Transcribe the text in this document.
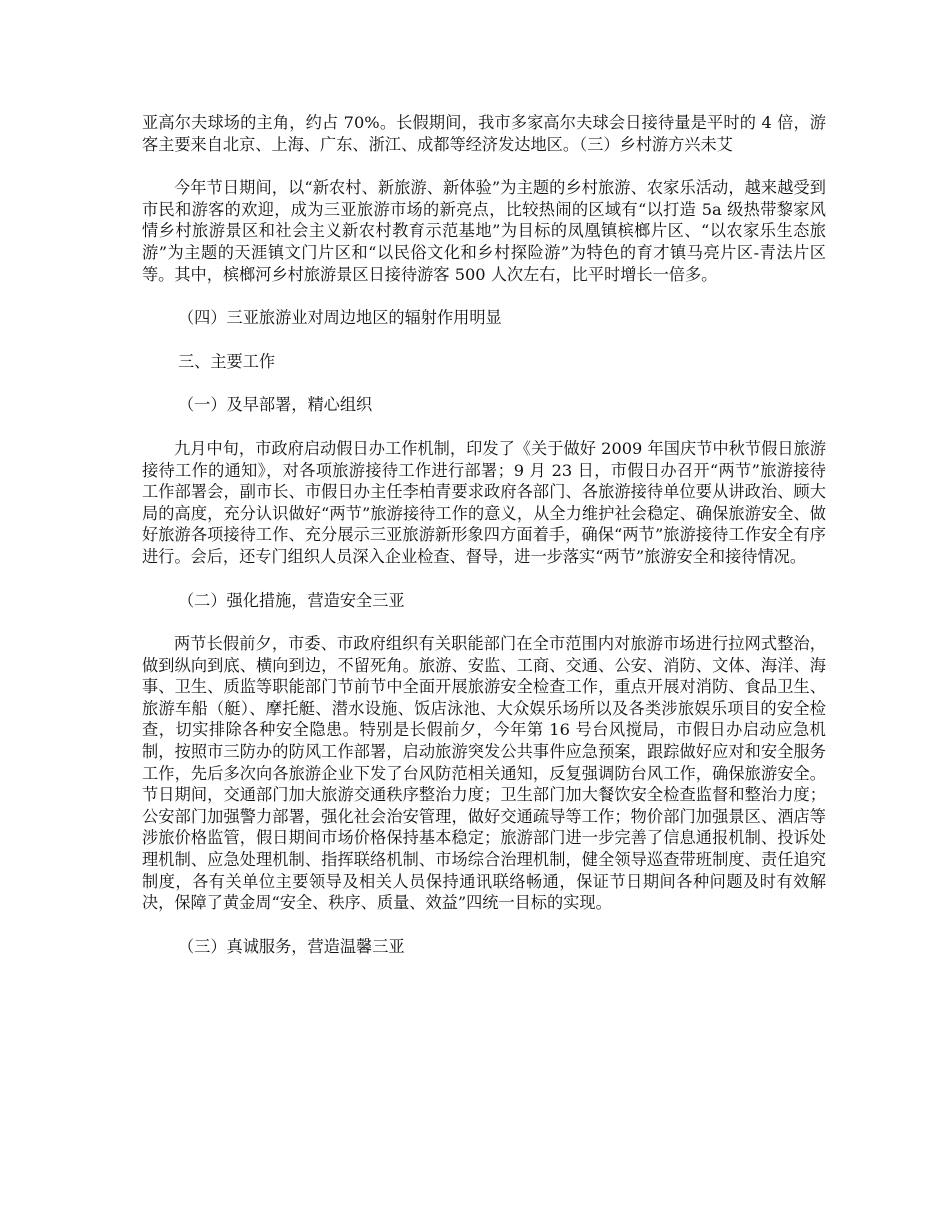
亚高尔夫球场的主角，约占 70%。长假期间，我市多家高尔夫球会日接待量是平时的 4 倍，游客主要来自北京、上海、广东、浙江、成都等经济发达地区。（三）乡村游方兴未艾

今年节日期间，以“新农村、新旅游、新体验”为主题的乡村旅游、农家乐活动，越来越受到市民和游客的欢迎，成为三亚旅游市场的新亮点，比较热闹的区域有“以打造 5a 级热带黎家风情乡村旅游景区和社会主义新农村教育示范基地”为目标的凤凰镇槟榔片区、“以农家乐生态旅游”为主题的天涯镇文门片区和“以民俗文化和乡村探险游”为特色的育才镇马亮片区-青法片区等。其中，槟榔河乡村旅游景区日接待游客 500 人次左右，比平时增长一倍多。

（四）三亚旅游业对周边地区的辐射作用明显

三、主要工作

（一）及早部署，精心组织

九月中旬，市政府启动假日办工作机制，印发了《关于做好 2009 年国庆节中秋节假日旅游接待工作的通知》，对各项旅游接待工作进行部署；9 月 23 日，市假日办召开“两节”旅游接待工作部署会，副市长、市假日办主任李柏青要求政府各部门、各旅游接待单位要从讲政治、顾大局的高度，充分认识做好“两节”旅游接待工作的意义，从全力维护社会稳定、确保旅游安全、做好旅游各项接待工作、充分展示三亚旅游新形象四方面着手，确保“两节”旅游接待工作安全有序进行。会后，还专门组织人员深入企业检查、督导，进一步落实“两节”旅游安全和接待情况。

（二）强化措施，营造安全三亚

两节长假前夕，市委、市政府组织有关职能部门在全市范围内对旅游市场进行拉网式整治，做到纵向到底、横向到边，不留死角。旅游、安监、工商、交通、公安、消防、文体、海洋、海事、卫生、质监等职能部门节前节中全面开展旅游安全检查工作，重点开展对消防、食品卫生、旅游车船（艇）、摩托艇、潜水设施、饭店泳池、大众娱乐场所以及各类涉旅娱乐项目的安全检查，切实排除各种安全隐患。特别是长假前夕，今年第 16 号台风搅局，市假日办启动应急机制，按照市三防办的防风工作部署，启动旅游突发公共事件应急预案，跟踪做好应对和安全服务工作，先后多次向各旅游企业下发了台风防范相关通知，反复强调防台风工作，确保旅游安全。节日期间，交通部门加大旅游交通秩序整治力度；卫生部门加大餐饮安全检查监督和整治力度；公安部门加强警力部署，强化社会治安管理，做好交通疏导等工作；物价部门加强景区、酒店等涉旅价格监管，假日期间市场价格保持基本稳定；旅游部门进一步完善了信息通报机制、投诉处理机制、应急处理机制、指挥联络机制、市场综合治理机制，健全领导巡查带班制度、责任追究制度，各有关单位主要领导及相关人员保持通讯联络畅通，保证节日期间各种问题及时有效解决，保障了黄金周“安全、秩序、质量、效益”四统一目标的实现。

（三）真诚服务，营造温馨三亚
